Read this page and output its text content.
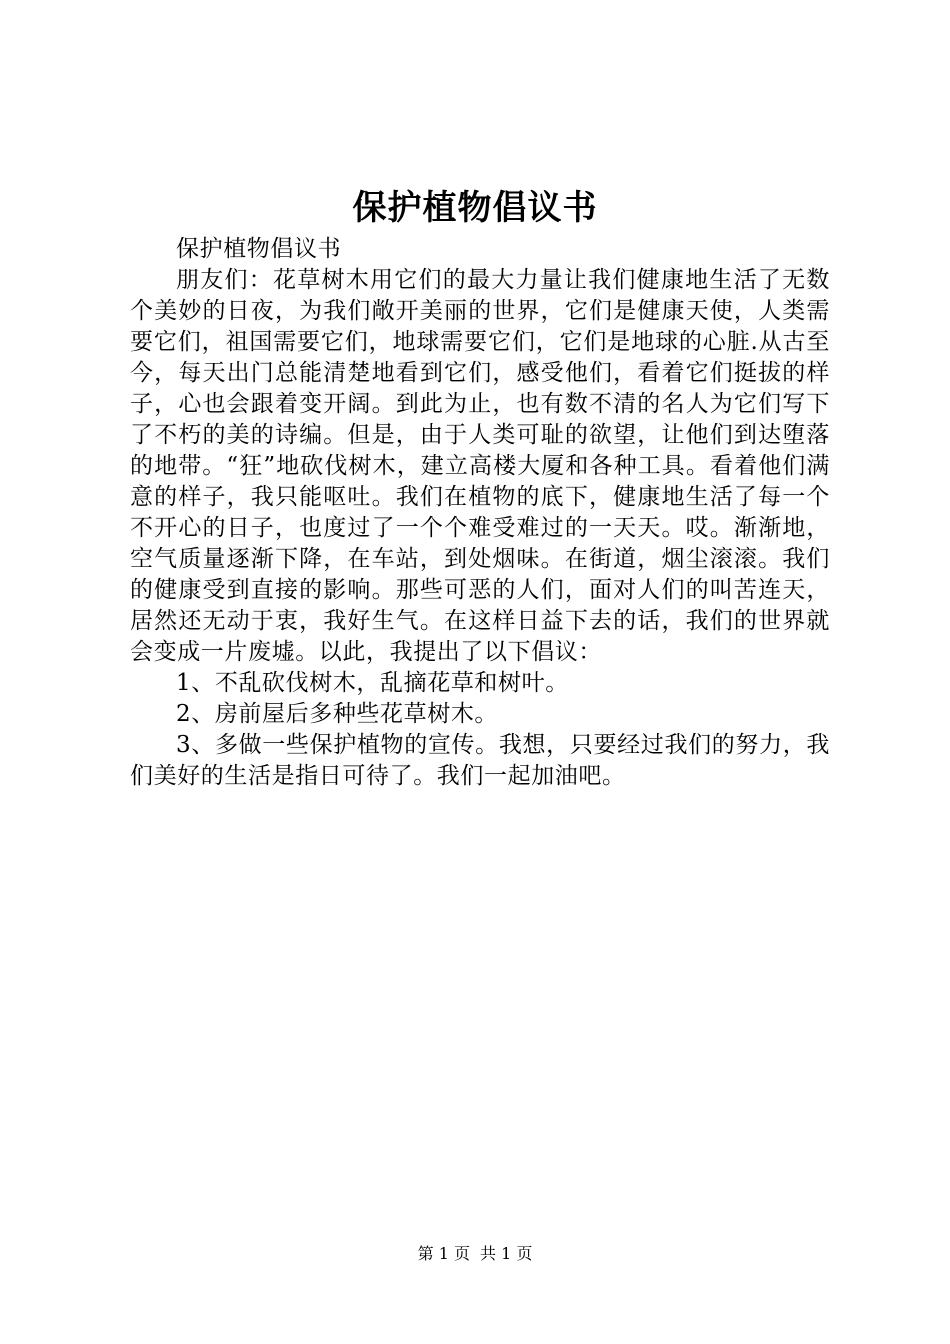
保护植物倡议书

保护植物倡议书

朋友们：花草树木用它们的最大力量让我们健康地生活了无数个美妙的日夜，为我们敞开美丽的世界，它们是健康天使，人类需要它们，祖国需要它们，地球需要它们，它们是地球的心脏.从古至今，每天出门总能清楚地看到它们，感受他们，看着它们挺拔的样子，心也会跟着变开阔。到此为止，也有数不清的名人为它们写下了不朽的美的诗编。但是，由于人类可耻的欲望，让他们到达堕落的地带。“狂”地砍伐树木，建立高楼大厦和各种工具。看着他们满意的样子，我只能呕吐。我们在植物的底下，健康地生活了每一个不开心的日子，也度过了一个个难受难过的一天天。哎。渐渐地，空气质量逐渐下降，在车站，到处烟味。在街道，烟尘滚滚。我们的健康受到直接的影响。那些可恶的人们，面对人们的叫苦连天，居然还无动于衷，我好生气。在这样日益下去的话，我们的世界就会变成一片废墟。以此，我提出了以下倡议：

1、不乱砍伐树木，乱摘花草和树叶。

2、房前屋后多种些花草树木。

3、多做一些保护植物的宣传。我想，只要经过我们的努力，我们美好的生活是指日可待了。我们一起加油吧。

第 1 页 共 1 页
